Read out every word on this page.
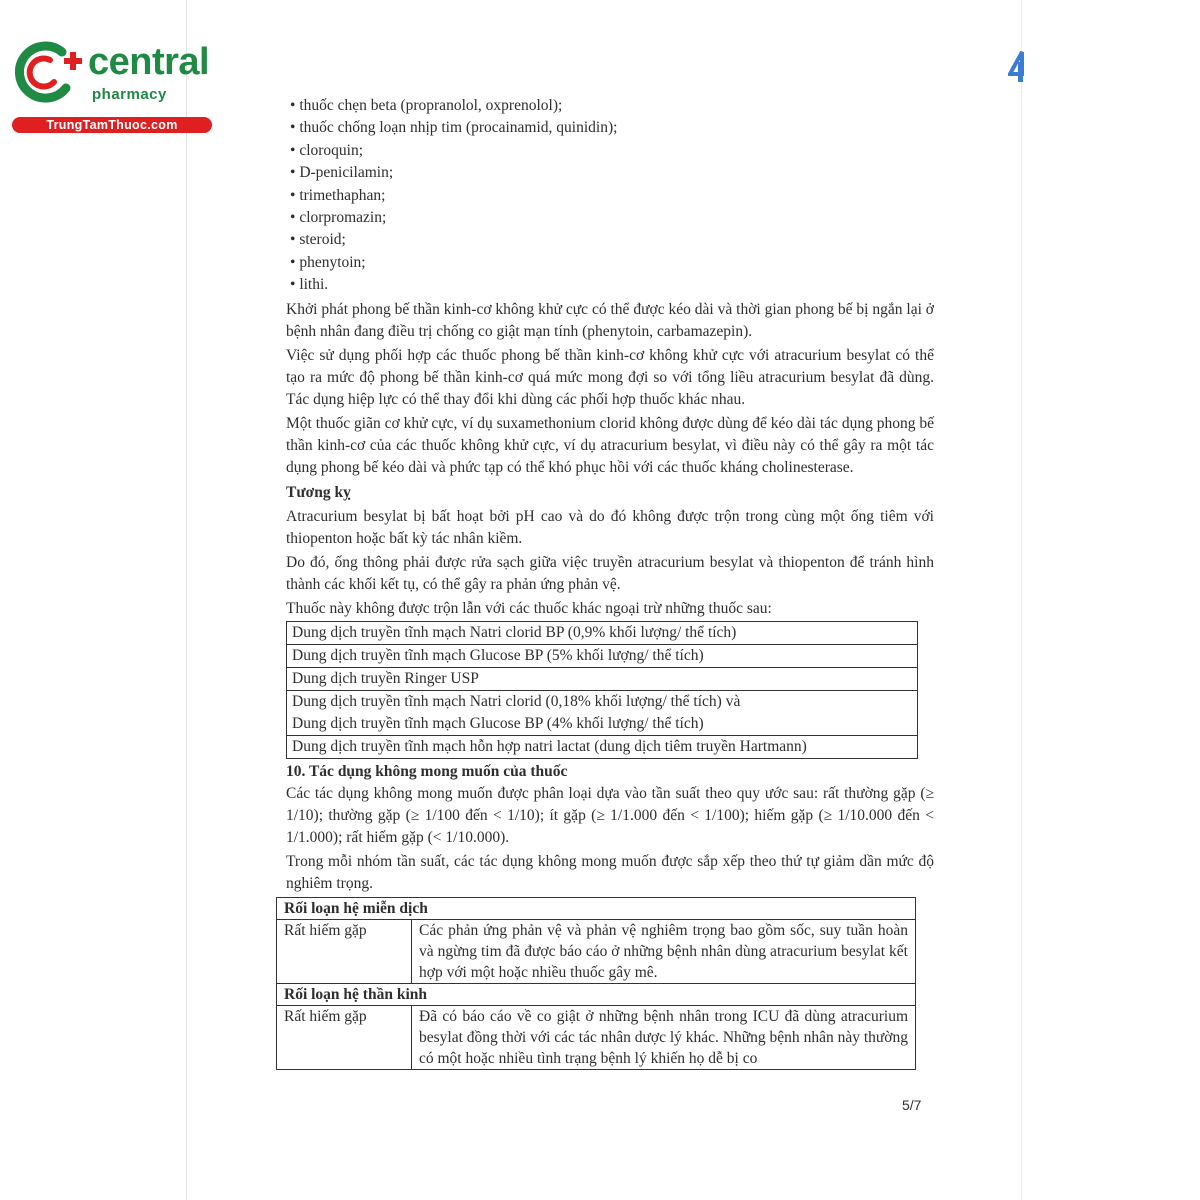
central
pharmacy
TrungTamThuoc.com
• thuốc chẹn beta (propranolol, oxprenolol);
• thuốc chống loạn nhịp tim (procainamid, quinidin);
• cloroquin;
• D-penicilamin;
• trimethaphan;
• clorpromazin;
• steroid;
• phenytoin;
• lithi.

Khởi phát phong bế thần kinh-cơ không khử cực có thể được kéo dài và thời gian phong bế bị ngắn lại ở bệnh nhân đang điều trị chống co giật mạn tính (phenytoin, carbamazepin).

Việc sử dụng phối hợp các thuốc phong bế thần kinh-cơ không khử cực với atracurium besylat có thể tạo ra mức độ phong bế thần kinh-cơ quá mức mong đợi so với tổng liều atracurium besylat đã dùng. Tác dụng hiệp lực có thể thay đổi khi dùng các phối hợp thuốc khác nhau.

Một thuốc giãn cơ khử cực, ví dụ suxamethonium clorid không được dùng để kéo dài tác dụng phong bế thần kinh-cơ của các thuốc không khử cực, ví dụ atracurium besylat, vì điều này có thể gây ra một tác dụng phong bế kéo dài và phức tạp có thể khó phục hồi với các thuốc kháng cholinesterase.

Tương kỵ

Atracurium besylat bị bất hoạt bởi pH cao và do đó không được trộn trong cùng một ống tiêm với thiopenton hoặc bất kỳ tác nhân kiềm.

Do đó, ống thông phải được rửa sạch giữa việc truyền atracurium besylat và thiopenton để tránh hình thành các khối kết tụ, có thể gây ra phản ứng phản vệ.

Thuốc này không được trộn lẫn với các thuốc khác ngoại trừ những thuốc sau:

Dung dịch truyền tĩnh mạch Natri clorid BP (0,9% khối lượng/ thể tích)
Dung dịch truyền tĩnh mạch Glucose BP (5% khối lượng/ thể tích)
Dung dịch truyền Ringer USP

Dung dịch truyền tĩnh mạch Natri clorid (0,18% khối lượng/ thể tích) và
Dung dịch truyền tĩnh mạch Glucose BP (4% khối lượng/ thể tích)

Dung dịch truyền tĩnh mạch hỗn hợp natri lactat (dung dịch tiêm truyền Hartmann)
10. Tác dụng không mong muốn của thuốc

Các tác dụng không mong muốn được phân loại dựa vào tần suất theo quy ước sau: rất thường gặp (≥ 1/10); thường gặp (≥ 1/100 đến < 1/10); ít gặp (≥ 1/1.000 đến < 1/100); hiếm gặp (≥ 1/10.000 đến < 1/1.000); rất hiếm gặp (< 1/10.000).

Trong mỗi nhóm tần suất, các tác dụng không mong muốn được sắp xếp theo thứ tự giảm dần mức độ nghiêm trọng.

Rối loạn hệ miễn dịch	
Rất hiếm gặp	Các phản ứng phản vệ và phản vệ nghiêm trọng bao gồm sốc, suy tuần hoàn và ngừng tim đã được báo cáo ở những bệnh nhân dùng atracurium besylat kết hợp với một hoặc nhiều thuốc gây mê.
Rối loạn hệ thần kinh	
Rất hiếm gặp	Đã có báo cáo về co giật ở những bệnh nhân trong ICU đã dùng atracurium besylat đồng thời với các tác nhân dược lý khác. Những bệnh nhân này thường có một hoặc nhiều tình trạng bệnh lý khiến họ dễ bị co
5/7
